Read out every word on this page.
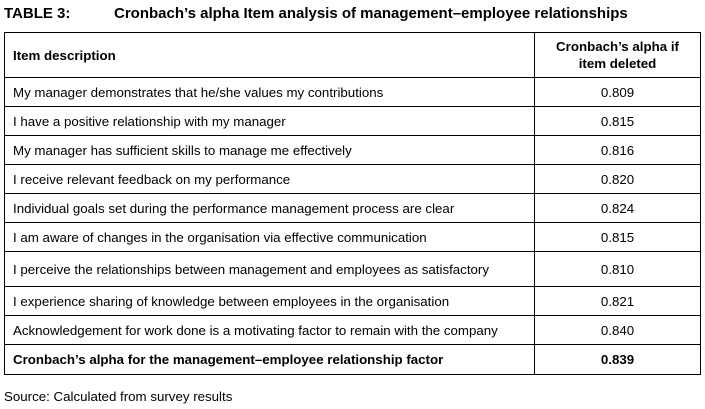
TABLE 3:	Cronbach’s alpha Item analysis of management–employee relationships
Item description	Cronbach’s alpha if
item deleted
My manager demonstrates that he/she values my contributions	0.809
I have a positive relationship with my manager	0.815
My manager has sufficient skills to manage me effectively	0.816
I receive relevant feedback on my performance	0.820
Individual goals set during the performance management process are clear	0.824
I am aware of changes in the organisation via effective communication	0.815
I perceive the relationships between management and employees as satisfactory	0.810
I experience sharing of knowledge between employees in the organisation	0.821
Acknowledgement for work done is a motivating factor to remain with the company	0.840
Cronbach’s alpha for the management–employee relationship factor	0.839
Source: Calculated from survey results
